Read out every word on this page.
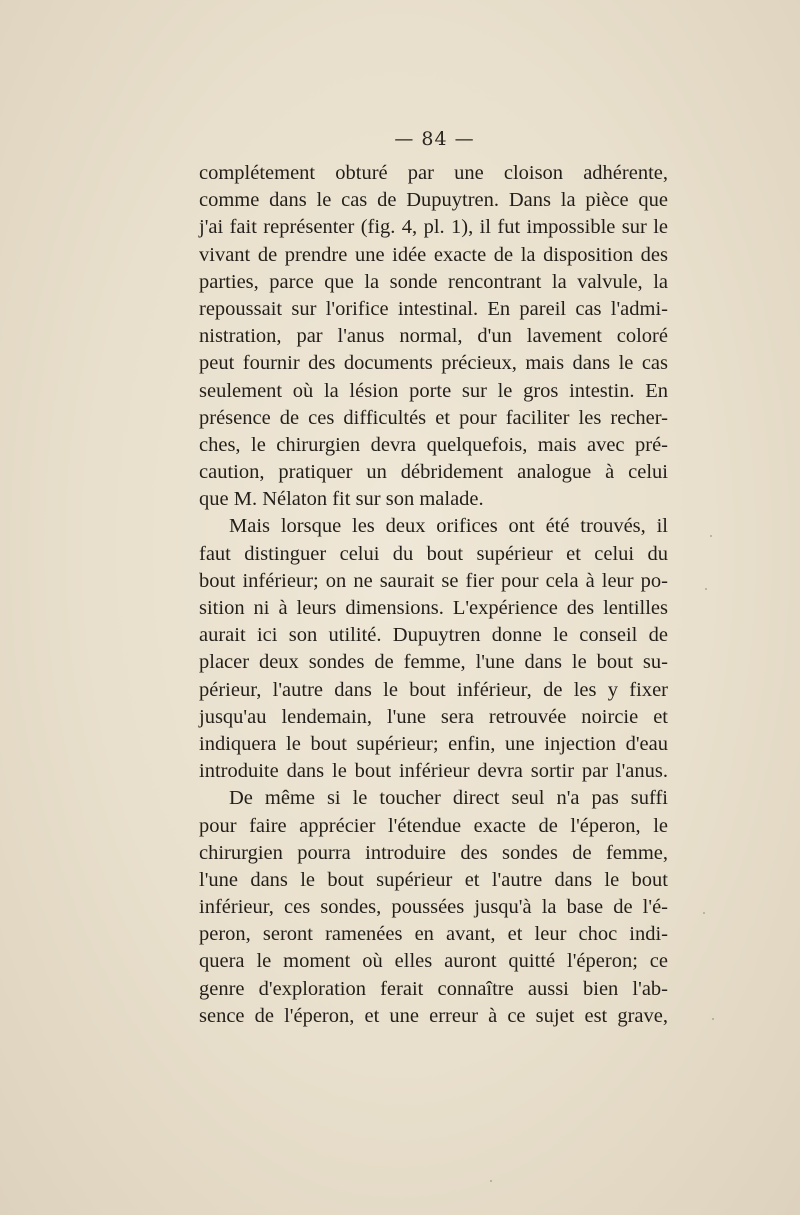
— 84 —
complétement obturé par une cloison adhérente,
comme dans le cas de Dupuytren. Dans la pièce que
j'ai fait représenter (fig. 4, pl. 1), il fut impossible sur le
vivant de prendre une idée exacte de la disposition des
parties, parce que la sonde rencontrant la valvule, la
repoussait sur l'orifice intestinal. En pareil cas l'admi-
nistration, par l'anus normal, d'un lavement coloré
peut fournir des documents précieux, mais dans le cas
seulement où la lésion porte sur le gros intestin. En
présence de ces difficultés et pour faciliter les recher-
ches, le chirurgien devra quelquefois, mais avec pré-
caution, pratiquer un débridement analogue à celui
que M. Nélaton fit sur son malade.
Mais lorsque les deux orifices ont été trouvés, il
faut distinguer celui du bout supérieur et celui du
bout inférieur; on ne saurait se fier pour cela à leur po-
sition ni à leurs dimensions. L'expérience des lentilles
aurait ici son utilité. Dupuytren donne le conseil de
placer deux sondes de femme, l'une dans le bout su-
périeur, l'autre dans le bout inférieur, de les y fixer
jusqu'au lendemain, l'une sera retrouvée noircie et
indiquera le bout supérieur; enfin, une injection d'eau
introduite dans le bout inférieur devra sortir par l'anus.
De même si le toucher direct seul n'a pas suffi
pour faire apprécier l'étendue exacte de l'éperon, le
chirurgien pourra introduire des sondes de femme,
l'une dans le bout supérieur et l'autre dans le bout
inférieur, ces sondes, poussées jusqu'à la base de l'é-
peron, seront ramenées en avant, et leur choc indi-
quera le moment où elles auront quitté l'éperon; ce
genre d'exploration ferait connaître aussi bien l'ab-
sence de l'éperon, et une erreur à ce sujet est grave,
